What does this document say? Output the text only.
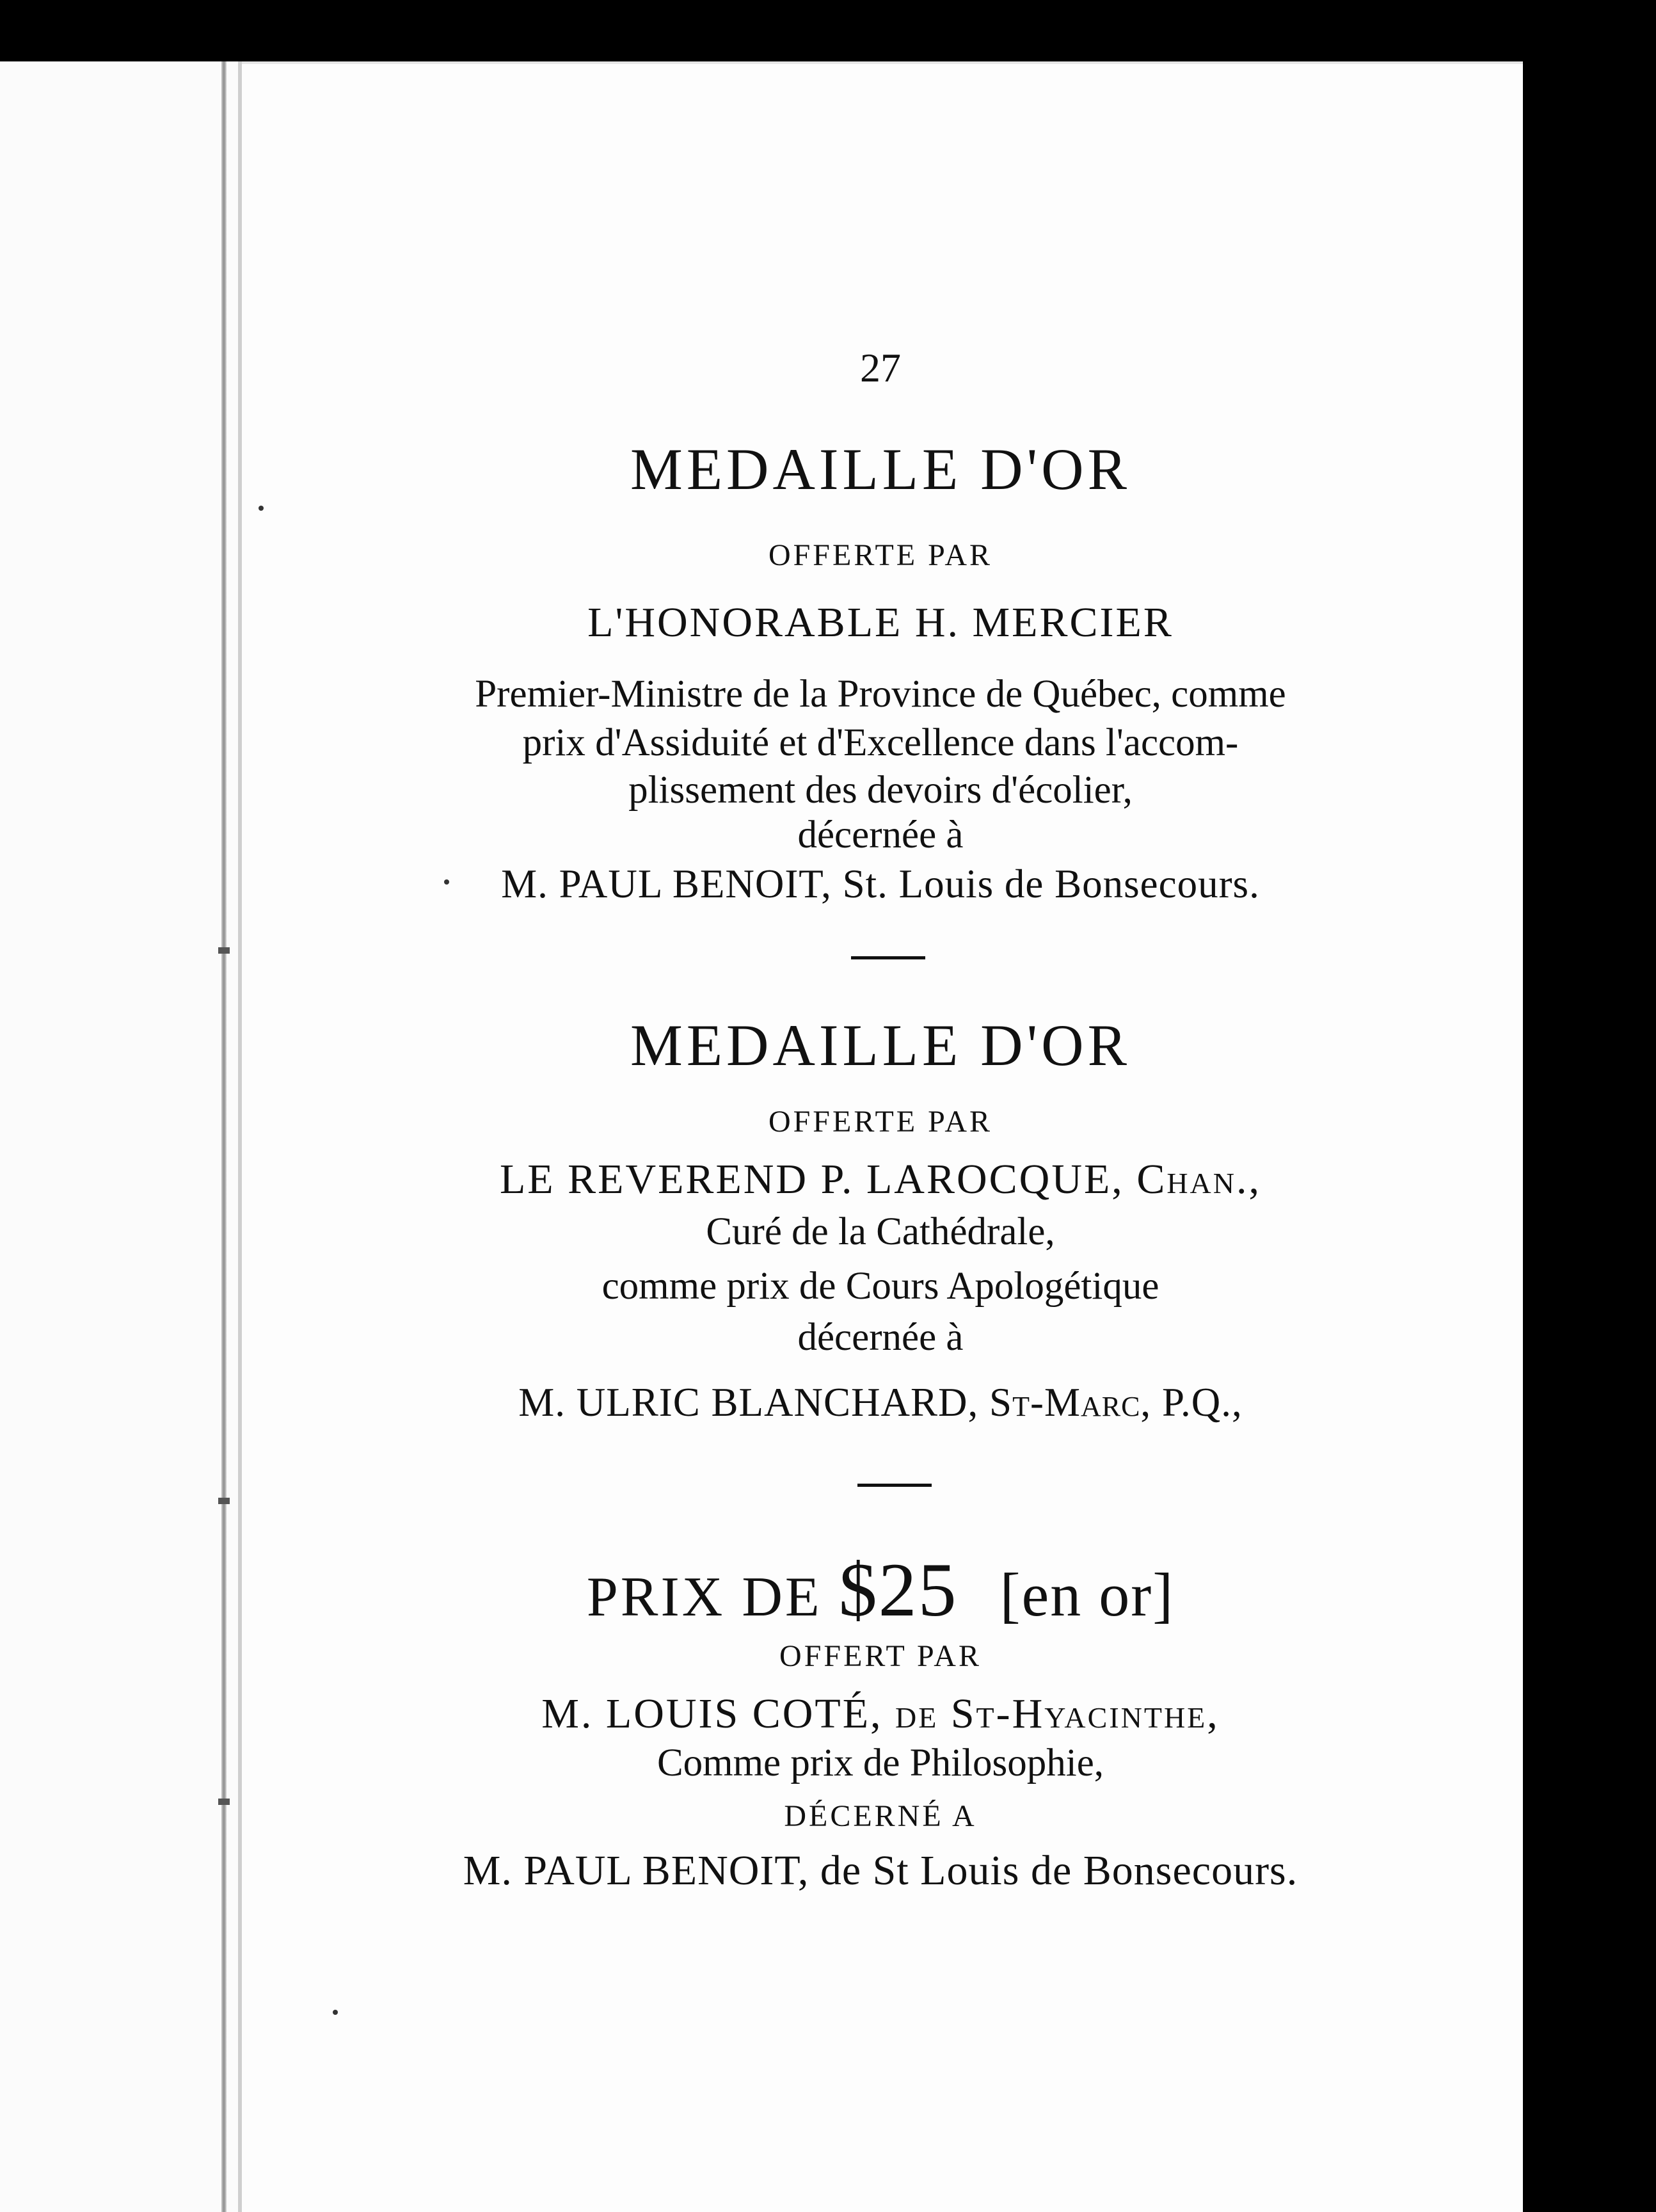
27

MEDAILLE D'OR

OFFERTE PAR

L'HONORABLE H. MERCIER

Premier-Ministre de la Province de Québec, comme

prix d'Assiduité et d'Excellence dans l'accom-

plissement des devoirs d'écolier,

décernée à

M. PAUL BENOIT, St. Louis de Bonsecours.

MEDAILLE D'OR

OFFERTE PAR

LE REVEREND P. LAROCQUE, Chan.,

Curé de la Cathédrale,

comme prix de Cours Apologétique

décernée à

M. ULRIC BLANCHARD, St-Marc, P.Q.,

PRIX DE $25 [en or]

OFFERT PAR

M. LOUIS COTÉ, de St-Hyacinthe,

Comme prix de Philosophie,

DÉCERNÉ A

M. PAUL BENOIT, de St Louis de Bonsecours.
